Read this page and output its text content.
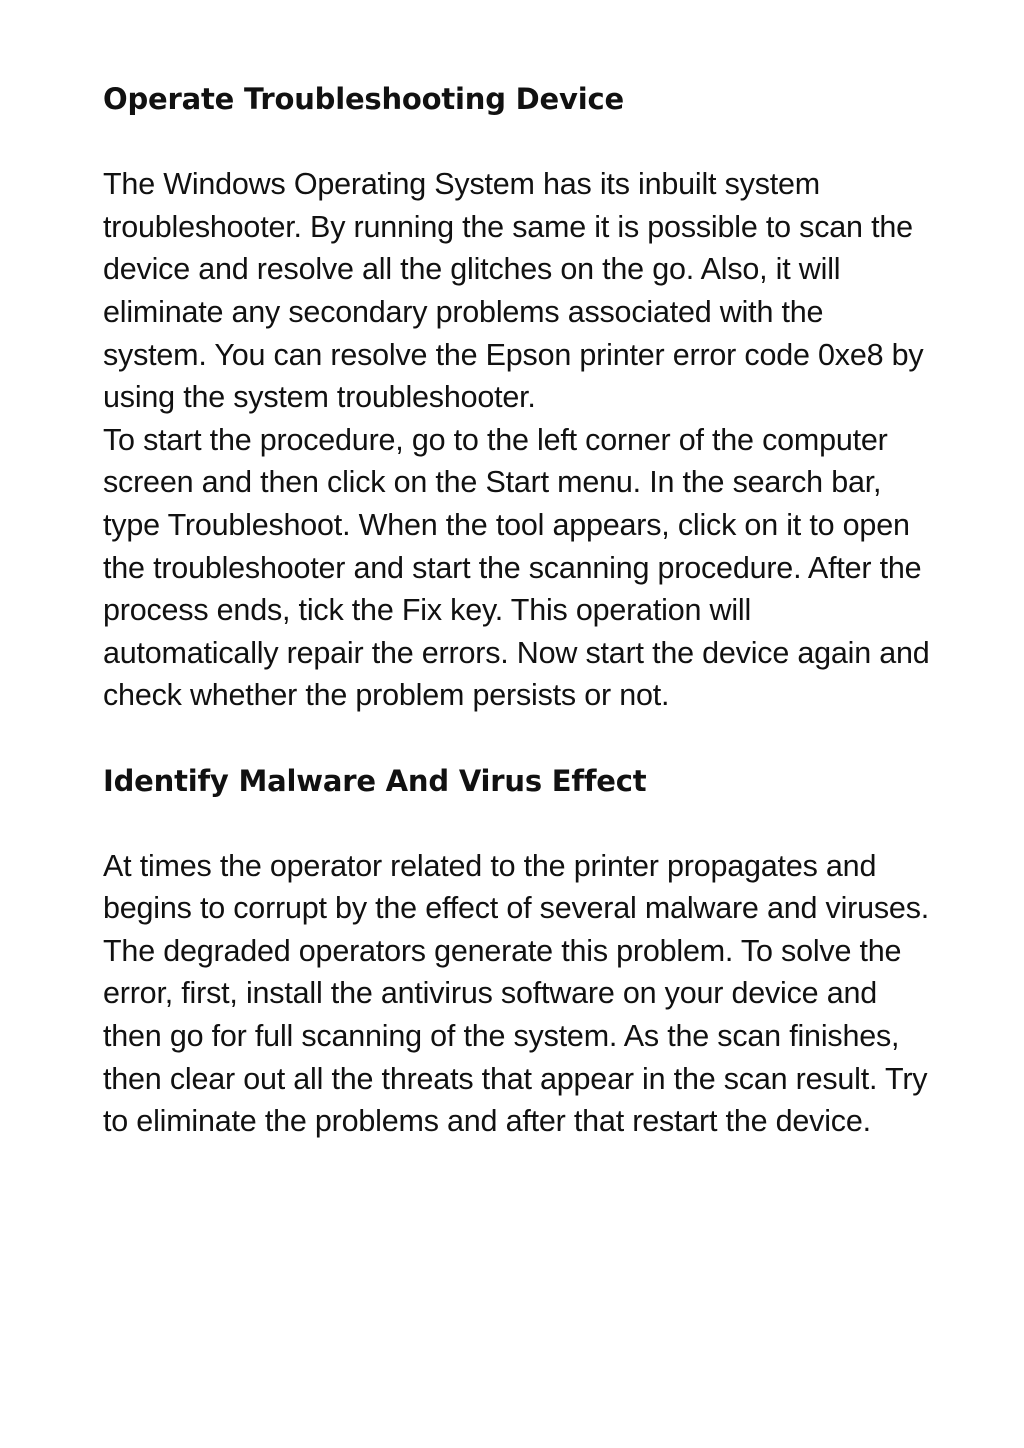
Operate Troubleshooting Device

The Windows Operating System has its inbuilt system troubleshooter. By running the same it is possible to scan the device and resolve all the glitches on the go. Also, it will eliminate any secondary problems associated with the system. You can resolve the Epson printer error code 0xe8 by using the system troubleshooter.

To start the procedure, go to the left corner of the computer screen and then click on the Start menu. In the search bar, type Troubleshoot. When the tool appears, click on it to open the troubleshooter and start the scanning procedure. After the process ends, tick the Fix key. This operation will automatically repair the errors. Now start the device again and check whether the problem persists or not.

Identify Malware And Virus Effect

At times the operator related to the printer propagates and begins to corrupt by the effect of several malware and viruses. The degraded operators generate this problem. To solve the error, first, install the antivirus software on your device and then go for full scanning of the system. As the scan finishes, then clear out all the threats that appear in the scan result. Try to eliminate the problems and after that restart the device.
